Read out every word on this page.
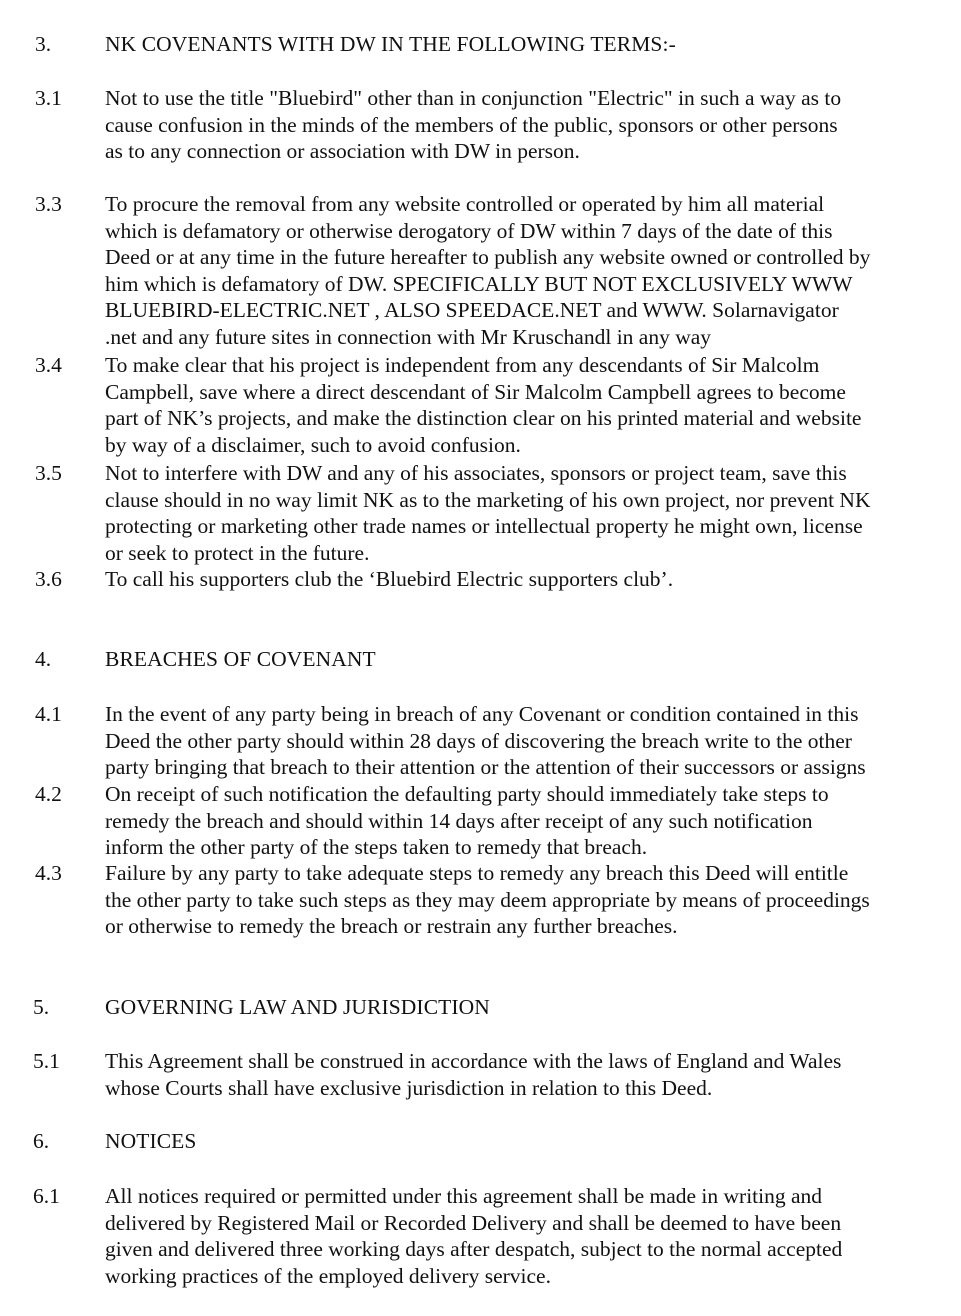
3.	NK COVENANTS WITH DW IN THE FOLLOWING TERMS:-
3.1	Not to use the title "Bluebird" other than in conjunction "Electric" in such a way as to
cause confusion in the minds of the members of the public, sponsors or other persons
as to any connection or association with DW in person.
3.3	To procure the removal from any website controlled or operated by him all material
which is defamatory or otherwise derogatory of DW within 7 days of the date of this
Deed or at any time in the future hereafter to publish any website owned or controlled by
him which is defamatory of DW. SPECIFICALLY BUT NOT EXCLUSIVELY WWW
BLUEBIRD-ELECTRIC.NET , ALSO SPEEDACE.NET and WWW. Solarnavigator
.net and any future sites in connection with Mr Kruschandl in any way
3.4	To make clear that his project is independent from any descendants of Sir Malcolm
Campbell, save where a direct descendant of Sir Malcolm Campbell agrees to become
part of NK’s projects, and make the distinction clear on his printed material and website
by way of a disclaimer, such to avoid confusion.
3.5	Not to interfere with DW and any of his associates, sponsors or project team, save this
clause should in no way limit NK as to the marketing of his own project, nor prevent NK
protecting or marketing other trade names or intellectual property he might own, license
or seek to protect in the future.
3.6	To call his supporters club the ‘Bluebird Electric supporters club’.
4.	BREACHES OF COVENANT
4.1	In the event of any party being in breach of any Covenant or condition contained in this
Deed the other party should within 28 days of discovering the breach write to the other
party bringing that breach to their attention or the attention of their successors or assigns
4.2	On receipt of such notification the defaulting party should immediately take steps to
remedy the breach and should within 14 days after receipt of any such notification
inform the other party of the steps taken to remedy that breach.
4.3	Failure by any party to take adequate steps to remedy any breach this Deed will entitle
the other party to take such steps as they may deem appropriate by means of proceedings
or otherwise to remedy the breach or restrain any further breaches.
5.	GOVERNING LAW AND JURISDICTION
5.1	This Agreement shall be construed in accordance with the laws of England and Wales
whose Courts shall have exclusive jurisdiction in relation to this Deed.
6.	NOTICES
6.1	All notices required or permitted under this agreement shall be made in writing and
delivered by Registered Mail or Recorded Delivery and shall be deemed to have been
given and delivered three working days after despatch, subject to the normal accepted
working practices of the employed delivery service.
